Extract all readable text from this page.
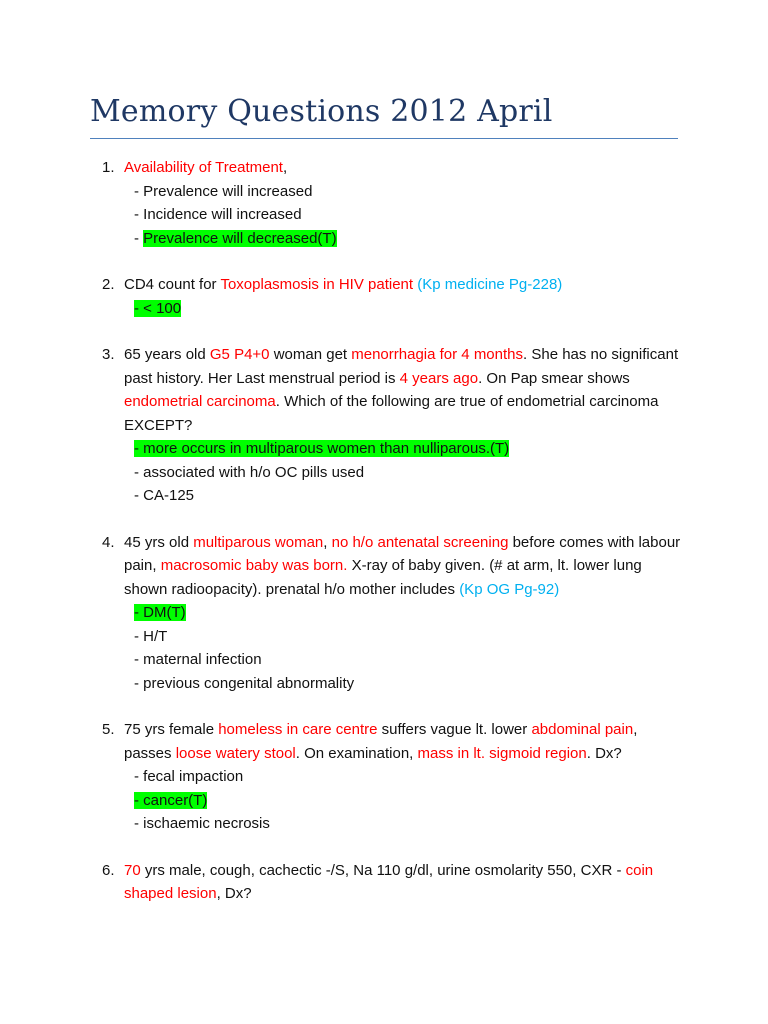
Memory Questions 2012 April
1. Availability of Treatment,
- Prevalence will increased
- Incidence will increased
- Prevalence will decreased(T)
2. CD4 count for Toxoplasmosis in HIV patient (Kp medicine Pg-228)
- < 100
3. 65 years old G5 P4+0 woman get menorrhagia for 4 months. She has no significant past history. Her Last menstrual period is 4 years ago. On Pap smear shows endometrial carcinoma. Which of the following are true of endometrial carcinoma EXCEPT?
- more occurs in multiparous women than nulliparous.(T)
- associated with h/o OC pills used
- CA-125
4. 45 yrs old multiparous woman, no h/o antenatal screening before comes with labour pain, macrosomic baby was born. X-ray of baby given. (# at arm, lt. lower lung shown radioopacity). prenatal h/o mother includes (Kp OG Pg-92)
- DM(T)
- H/T
- maternal infection
- previous congenital abnormality
5. 75 yrs female homeless in care centre suffers vague lt. lower abdominal pain, passes loose watery stool. On examination, mass in lt. sigmoid region. Dx?
- fecal impaction
- cancer(T)
- ischaemic necrosis
6. 70 yrs male, cough, cachectic -/S, Na 110 g/dl, urine osmolarity 550, CXR - coin shaped lesion, Dx?
